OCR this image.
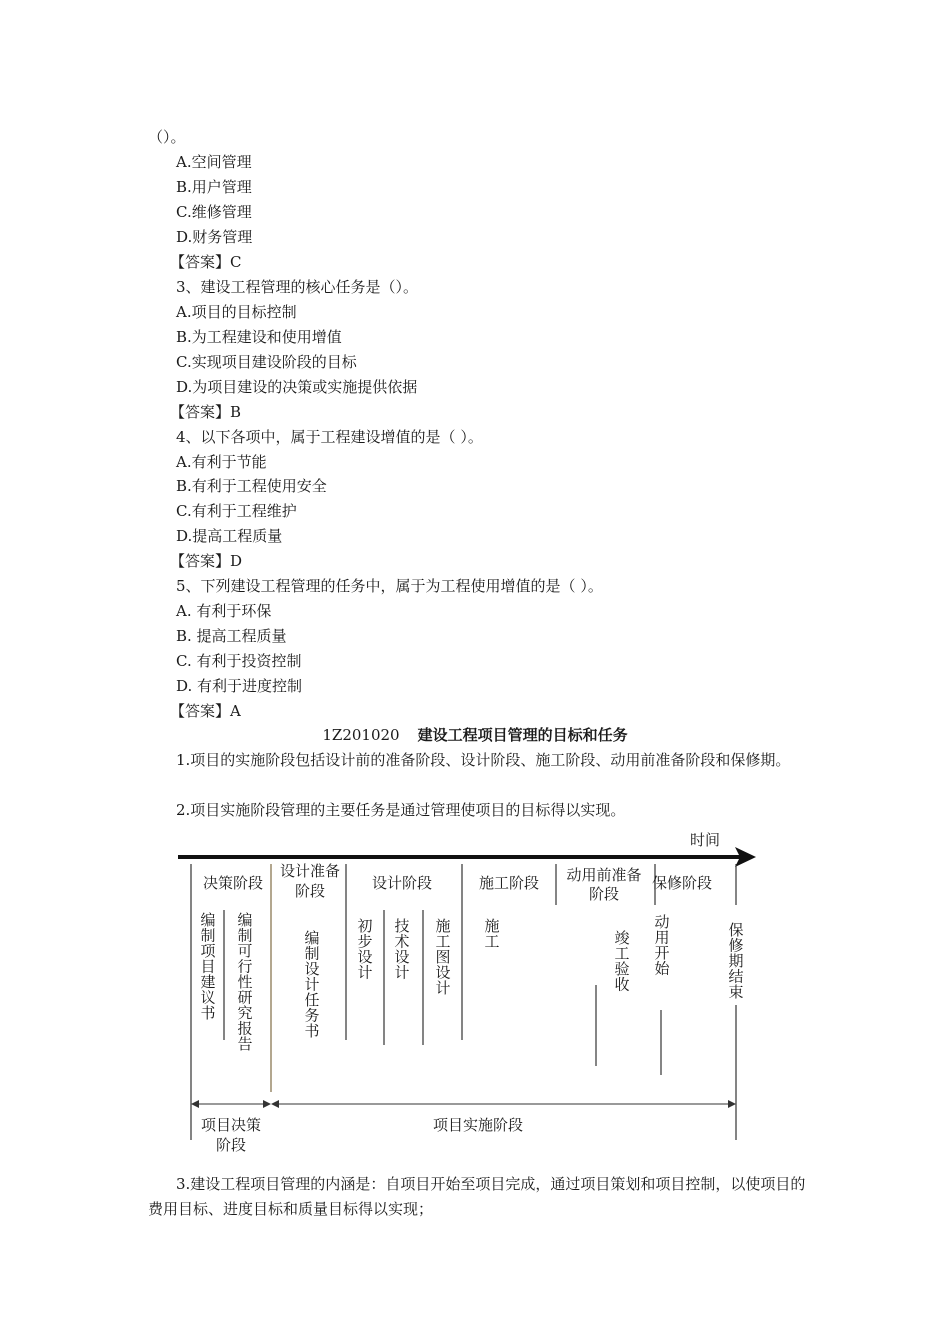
（）。
A.空间管理
B.用户管理
C.维修管理
D.财务管理
【答案】C
3、建设工程管理的核心任务是（）。
A.项目的目标控制
B.为工程建设和使用增值
C.实现项目建设阶段的目标
D.为项目建设的决策或实施提供依据
【答案】B
4、以下各项中，属于工程建设增值的是（ ）。
A.有利于节能
B.有利于工程使用安全
C.有利于工程维护
D.提高工程质量
【答案】D
5、下列建设工程管理的任务中，属于为工程使用增值的是（ ）。
A. 有利于环保
B. 提高工程质量
C. 有利于投资控制
D. 有利于进度控制
【答案】A
1Z201020 建设工程项目管理的目标和任务
1.项目的实施阶段包括设计前的准备阶段、设计阶段、施工阶段、动用前准备阶段和保修期。
2.项目实施阶段管理的主要任务是通过管理使项目的目标得以实现。
时间
决策阶段
设计准备
阶段	设计阶段	施工阶段 动用前准备
阶段
保修阶段
编制项目建议书
编制可行性研究报告
编制设计任务书
初步设计
技术设计
施工图设计
施工	竣工验收
动用开始
保修期结束
项目决策
阶段
项目实施阶段
3.建设工程项目管理的内涵是：自项目开始至项目完成，通过项目策划和项目控制，以使项目的费用目标、进度目标和质量目标得以实现；
